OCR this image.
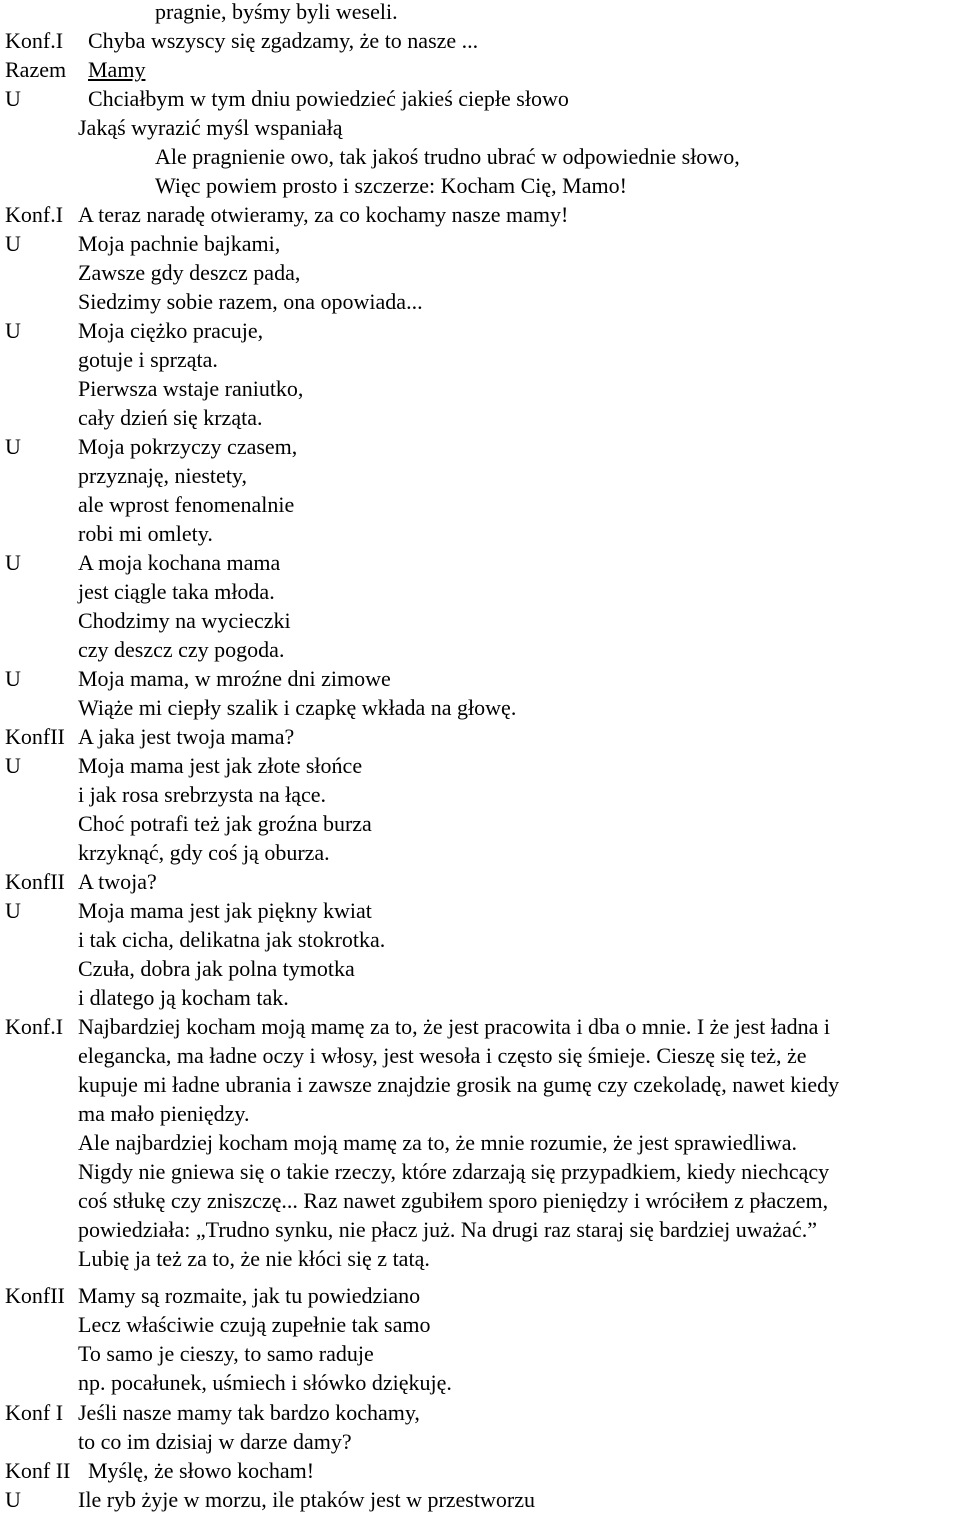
pragnie, byśmy byli weseli.
Konf.I Chyba wszyscy się zgadzamy, że to nasze ...
Razem Mamy
U	Chciałbym w tym dniu powiedzieć jakieś ciepłe słowo
Jakąś wyrazić myśl wspaniałą
Ale pragnienie owo, tak jakoś trudno ubrać w odpowiednie słowo,
Więc powiem prosto i szczerze: Kocham Cię, Mamo!
Konf.I A teraz naradę otwieramy, za co kochamy nasze mamy!
U	Moja pachnie bajkami,
Zawsze gdy deszcz pada,
Siedzimy sobie razem, ona opowiada...
U	Moja ciężko pracuje,
gotuje i sprząta.
Pierwsza wstaje raniutko,
cały dzień się krząta.
U	Moja pokrzyczy czasem,
przyznaję, niestety,
ale wprost fenomenalnie
robi mi omlety.
U	A moja kochana mama
jest ciągle taka młoda.
Chodzimy na wycieczki
czy deszcz czy pogoda.
U	Moja mama, w mroźne dni zimowe
Wiąże mi ciepły szalik i czapkę wkłada na głowę.
KonfII A jaka jest twoja mama?
U	Moja mama jest jak złote słońce
i jak rosa srebrzysta na łące.
Choć potrafi też jak groźna burza
krzyknąć, gdy coś ją oburza.
KonfII A twoja?
U	Moja mama jest jak piękny kwiat
i tak cicha, delikatna jak stokrotka.
Czuła, dobra jak polna tymotka
i dlatego ją kocham tak.
Konf.I Najbardziej kocham moją mamę za to, że jest pracowita i dba o mnie. I że jest ładna i
elegancka, ma ładne oczy i włosy, jest wesoła i często się śmieje. Cieszę się też, że
kupuje mi ładne ubrania i zawsze znajdzie grosik na gumę czy czekoladę, nawet kiedy
ma mało pieniędzy.
Ale najbardziej kocham moją mamę za to, że mnie rozumie, że jest sprawiedliwa.
Nigdy nie gniewa się o takie rzeczy, które zdarzają się przypadkiem, kiedy niechcący
coś stłukę czy zniszczę... Raz nawet zgubiłem sporo pieniędzy i wróciłem z płaczem,
powiedziała: „Trudno synku, nie płacz już. Na drugi raz staraj się bardziej uważać.”
Lubię ja też za to, że nie kłóci się z tatą.
KonfII Mamy są rozmaite, jak tu powiedziano
Lecz właściwie czują zupełnie tak samo
To samo je cieszy, to samo raduje
np. pocałunek, uśmiech i słówko dziękuję.
Konf I Jeśli nasze mamy tak bardzo kochamy,
to co im dzisiaj w darze damy?
Konf II Myślę, że słowo kocham!
U	Ile ryb żyje w morzu, ile ptaków jest w przestworzu
